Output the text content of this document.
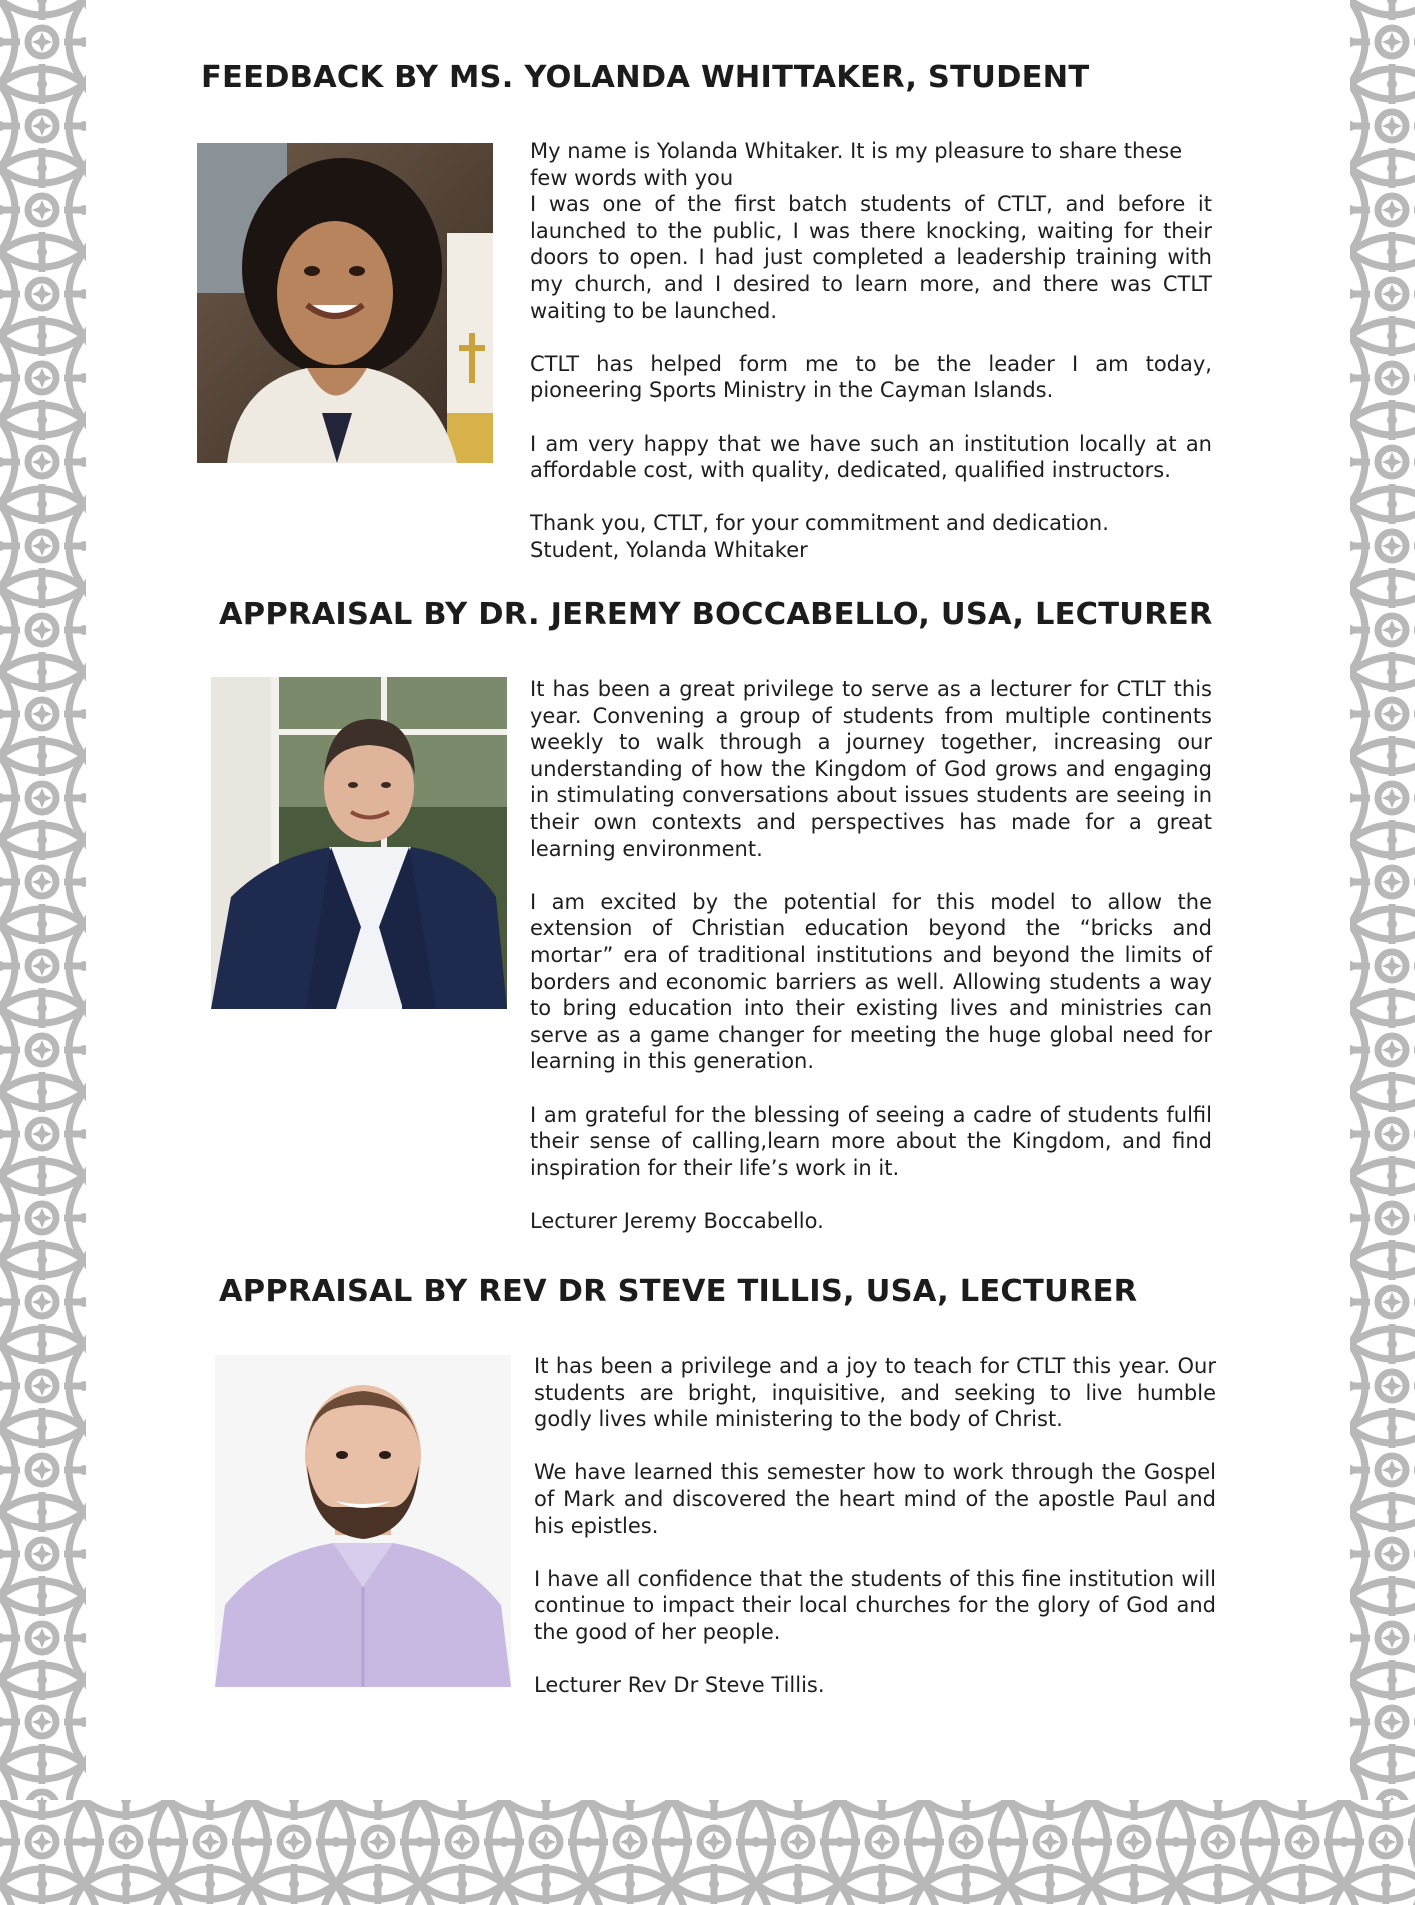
FEEDBACK BY MS. YOLANDA WHITTAKER, STUDENT

My name is Yolanda Whitaker. It is my pleasure to share these
few words with you
I was one of the first batch students of CTLT, and before it launched to the public, I was there knocking, waiting for their doors to open. I had just completed a leadership training with my church, and I desired to learn more, and there was CTLT waiting to be launched.

CTLT has helped form me to be the leader I am today, pioneering Sports Ministry in the Cayman Islands.

I am very happy that we have such an institution locally at an affordable cost, with quality, dedicated, qualified instructors.

Thank you, CTLT, for your commitment and dedication.
Student, Yolanda Whitaker

APPRAISAL BY DR. JEREMY BOCCABELLO, USA, LECTURER

It has been a great privilege to serve as a lecturer for CTLT this year. Convening a group of students from multiple continents weekly to walk through a journey together, increasing our understanding of how the Kingdom of God grows and engaging in stimulating conversations about issues students are seeing in their own contexts and perspectives has made for a great learning environment.

I am excited by the potential for this model to allow the extension of Christian education beyond the “bricks and mortar” era of traditional institutions and beyond the limits of borders and economic barriers as well. Allowing students a way to bring education into their existing lives and ministries can serve as a game changer for meeting the huge global need for learning in this generation.

I am grateful for the blessing of seeing a cadre of students fulfil their sense of calling,learn more about the Kingdom, and find inspiration for their life’s work in it.

Lecturer Jeremy Boccabello.

APPRAISAL BY REV DR STEVE TILLIS, USA, LECTURER

It has been a privilege and a joy to teach for CTLT this year. Our students are bright, inquisitive, and seeking to live humble godly lives while ministering to the body of Christ.

We have learned this semester how to work through the Gospel of Mark and discovered the heart mind of the apostle Paul and his epistles.

I have all confidence that the students of this fine institution will continue to impact their local churches for the glory of God and the good of her people.

Lecturer Rev Dr Steve Tillis.
